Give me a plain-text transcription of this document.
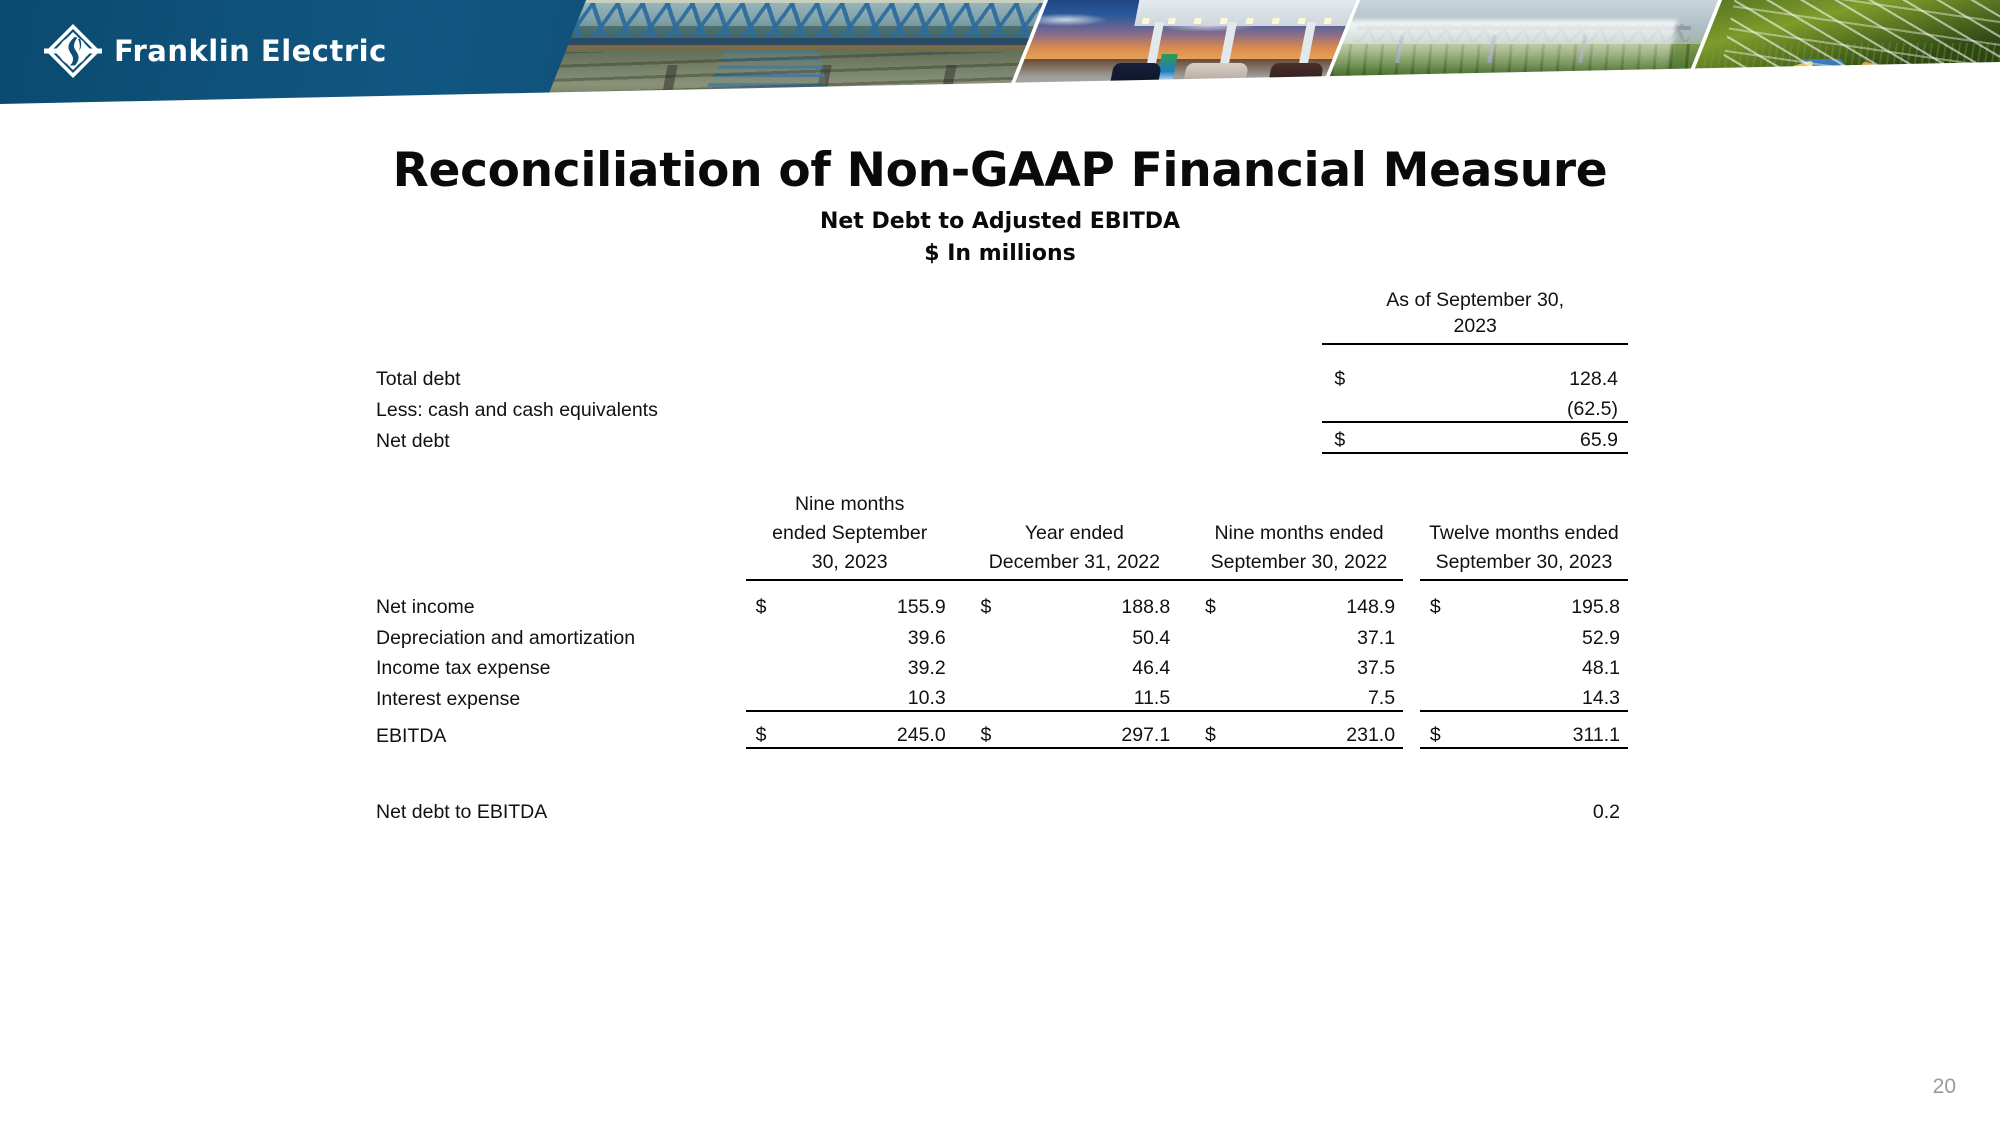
Franklin Electric
Reconciliation of Non-GAAP Financial Measure
Net Debt to Adjusted EBITDA
$ In millions

	As of September 30,
2023	

Total debt	$	128.4
Less: cash and cash equivalents		(62.5)
Net debt	$	65.9
	Nine months										
	ended September			Year ended			Nine months ended			Twelve months ended	
	30, 2023			December 31, 2022			September 30, 2022			September 30, 2023	

Net income	$	155.9		$	188.8		$	148.9		$	195.8
Depreciation and amortization		39.6			50.4			37.1			52.9
Income tax expense		39.2			46.4			37.5			48.1
Interest expense		10.3			11.5			7.5			14.3

EBITDA	$	245.0		$	297.1		$	231.0		$	311.1

Net debt to EBITDA											0.2
20
